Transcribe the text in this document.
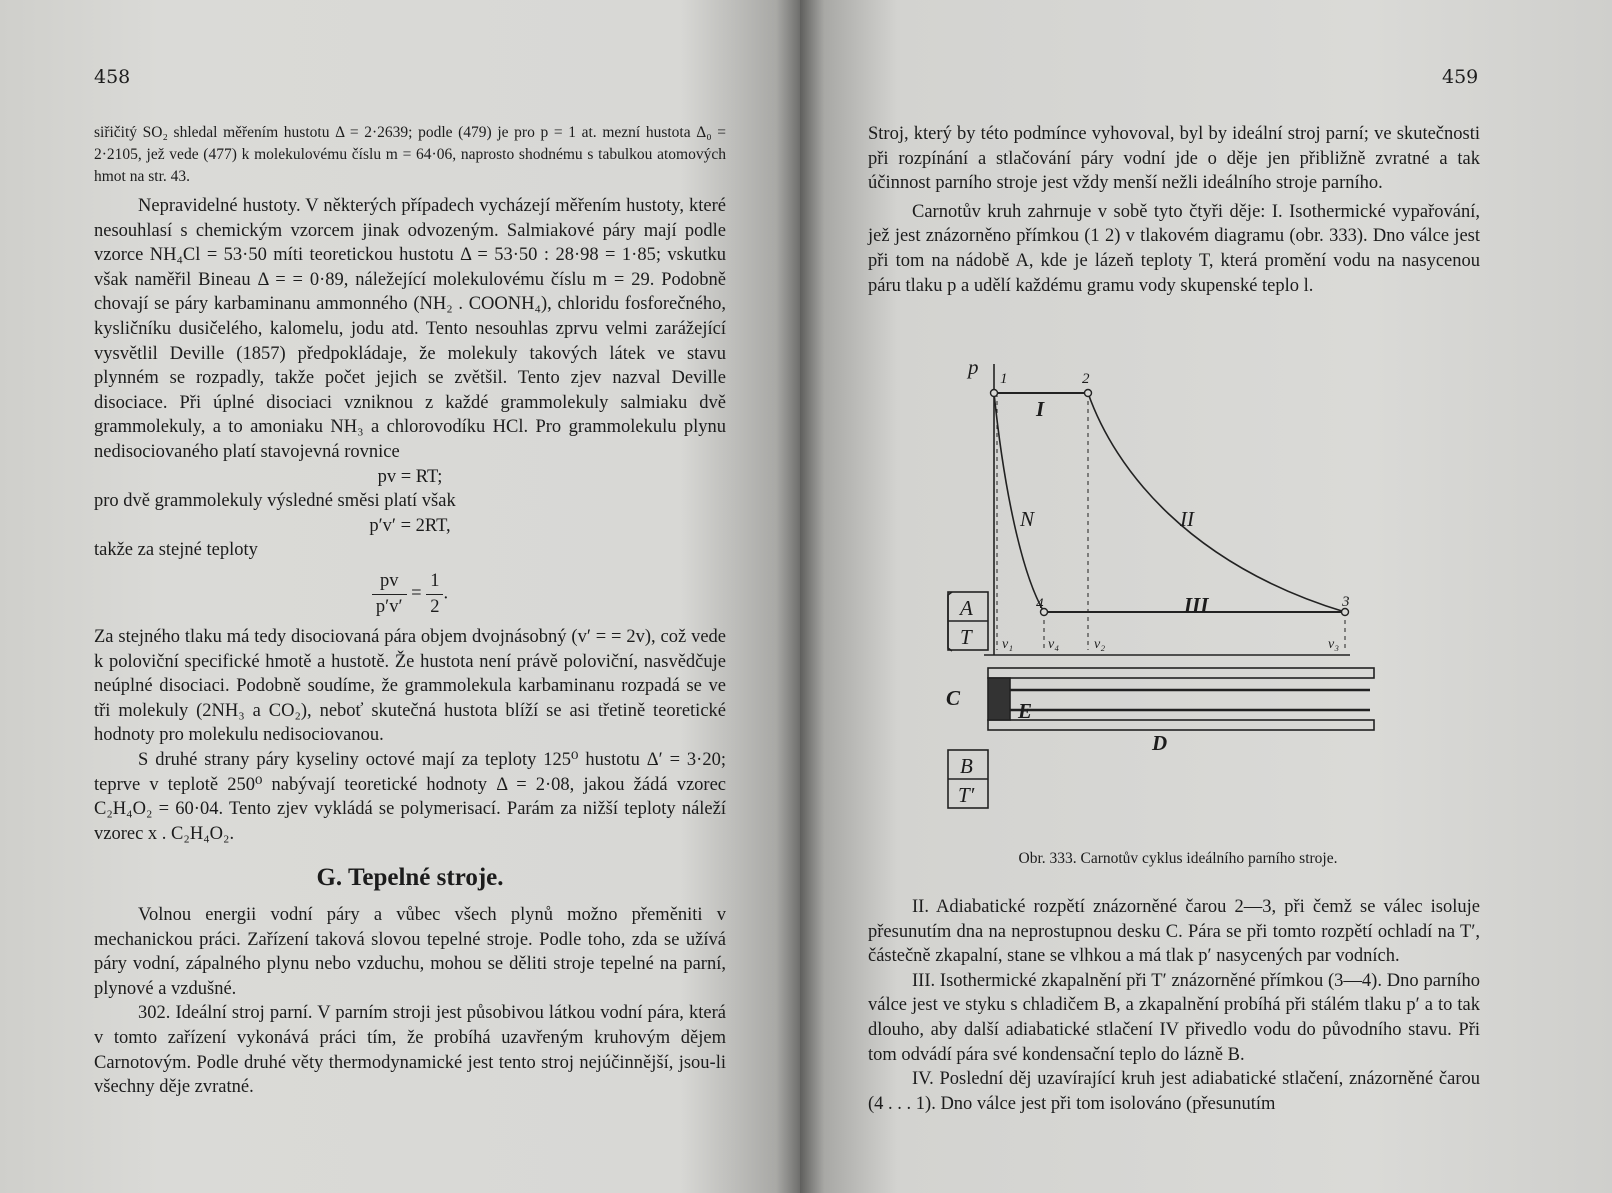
458

siřičitý SO₂ shledal měřením hustotu Δ = 2·2639; podle (479) je pro p = 1 at. mezní hustota Δ₀ = 2·2105, jež vede (477) k molekulovému číslu m = 64·06, naprosto shodnému s tabulkou atomových hmot na str. 43.

Nepravidelné hustoty. V některých případech vycházejí měřením hustoty, které nesouhlasí s chemickým vzorcem jinak odvozeným. Salmiakové páry mají podle vzorce NH₄Cl = 53·50 míti teoretickou hustotu Δ = 53·50 : 28·98 = 1·85; vskutku však naměřil Bineau Δ = = 0·89, náležející molekulovému číslu m = 29. Podobně chovají se páry karbaminanu ammonného (NH₂ . COONH₄), chloridu fosforečného, kysličníku dusičelého, kalomelu, jodu atd. Tento nesouhlas zprvu velmi zarážející vysvětlil Deville (1857) předpokládaje, že molekuly takových látek ve stavu plynném se rozpadly, takže počet jejich se zvětšil. Tento zjev nazval Deville disociace. Při úplné disociaci vzniknou z každé grammolekuly salmiaku dvě grammolekuly, a to amoniaku NH₃ a chlorovodíku HCl. Pro grammolekulu plynu nedisociovaného platí stavojevná rovnice

pv = RT;

pro dvě grammolekuly výsledné směsi platí však

p′v′ = 2RT,

takže za stejné teploty

$\frac{pv}{p'v'} = \frac{1}{2}$ .

Za stejného tlaku má tedy disociovaná pára objem dvojnásobný (v′ = = 2v), což vede k poloviční specifické hmotě a hustotě. Že hustota není právě poloviční, nasvědčuje neúplné disociaci. Podobně soudíme, že grammolekula karbaminanu rozpadá se ve tři molekuly (2NH₃ a CO₂), neboť skutečná hustota blíží se asi třetině teoretické hodnoty pro molekulu nedisociovanou.

S druhé strany páry kyseliny octové mají za teploty 125⁰ hustotu Δ′ = 3·20; teprve v teplotě 250⁰ nabývají teoretické hodnoty Δ = 2·08, jakou žádá vzorec C₂H₄O₂ = 60·04. Tento zjev vykládá se polymerisací. Parám za nižší teploty náleží vzorec x . C₂H₄O₂.

G. Tepelné stroje.

Volnou energii vodní páry a vůbec všech plynů možno přeměniti v mechanickou práci. Zařízení taková slovou tepelné stroje. Podle toho, zda se užívá páry vodní, zápalného plynu nebo vzduchu, mohou se děliti stroje tepelné na parní, plynové a vzdušné.

302. Ideální stroj parní. V parním stroji jest působivou látkou vodní pára, která v tomto zařízení vykonává práci tím, že probíhá uzavřeným kruhovým dějem Carnotovým. Podle druhé věty thermodynamické jest tento stroj nejúčinnější, jsou-li všechny děje zvratné.

459

Stroj, který by této podmínce vyhovoval, byl by ideální stroj parní; ve skutečnosti při rozpínání a stlačování páry vodní jde o děje jen přibližně zvratné a tak účinnost parního stroje jest vždy menší nežli ideálního stroje parního.

Carnotův kruh zahrnuje v sobě tyto čtyři děje: I. Isothermické vypařování, jež jest znázorněno přímkou (1 2) v tlakovém diagramu (obr. 333). Dno válce jest při tom na nádobě A, kde je lázeň teploty T, která promění vodu na nasycenou páru tlaku p a udělí každému gramu vody skupenské teplo l.

p 1	2
3
4
I
II
III
N
v₁ v₄ v₂	v₃
A
T
C
E
D
B
T′
Obr. 333. Carnotův cyklus ideálního parního stroje.

II. Adiabatické rozpětí znázorněné čarou 2—3, při čemž se válec isoluje přesunutím dna na neprostupnou desku C. Pára se při tomto rozpětí ochladí na T′, částečně zkapalní, stane se vlhkou a má tlak p′ nasycených par vodních.

III. Isothermické zkapalnění při T′ znázorněné přímkou (3—4). Dno parního válce jest ve styku s chladičem B, a zkapalnění probíhá při stálém tlaku p′ a to tak dlouho, aby další adiabatické stlačení IV přivedlo vodu do původního stavu. Při tom odvádí pára své kondensační teplo do lázně B.

IV. Poslední děj uzavírající kruh jest adiabatické stlačení, znázorněné čarou (4 . . . 1). Dno válce jest při tom isolováno (přesunutím
